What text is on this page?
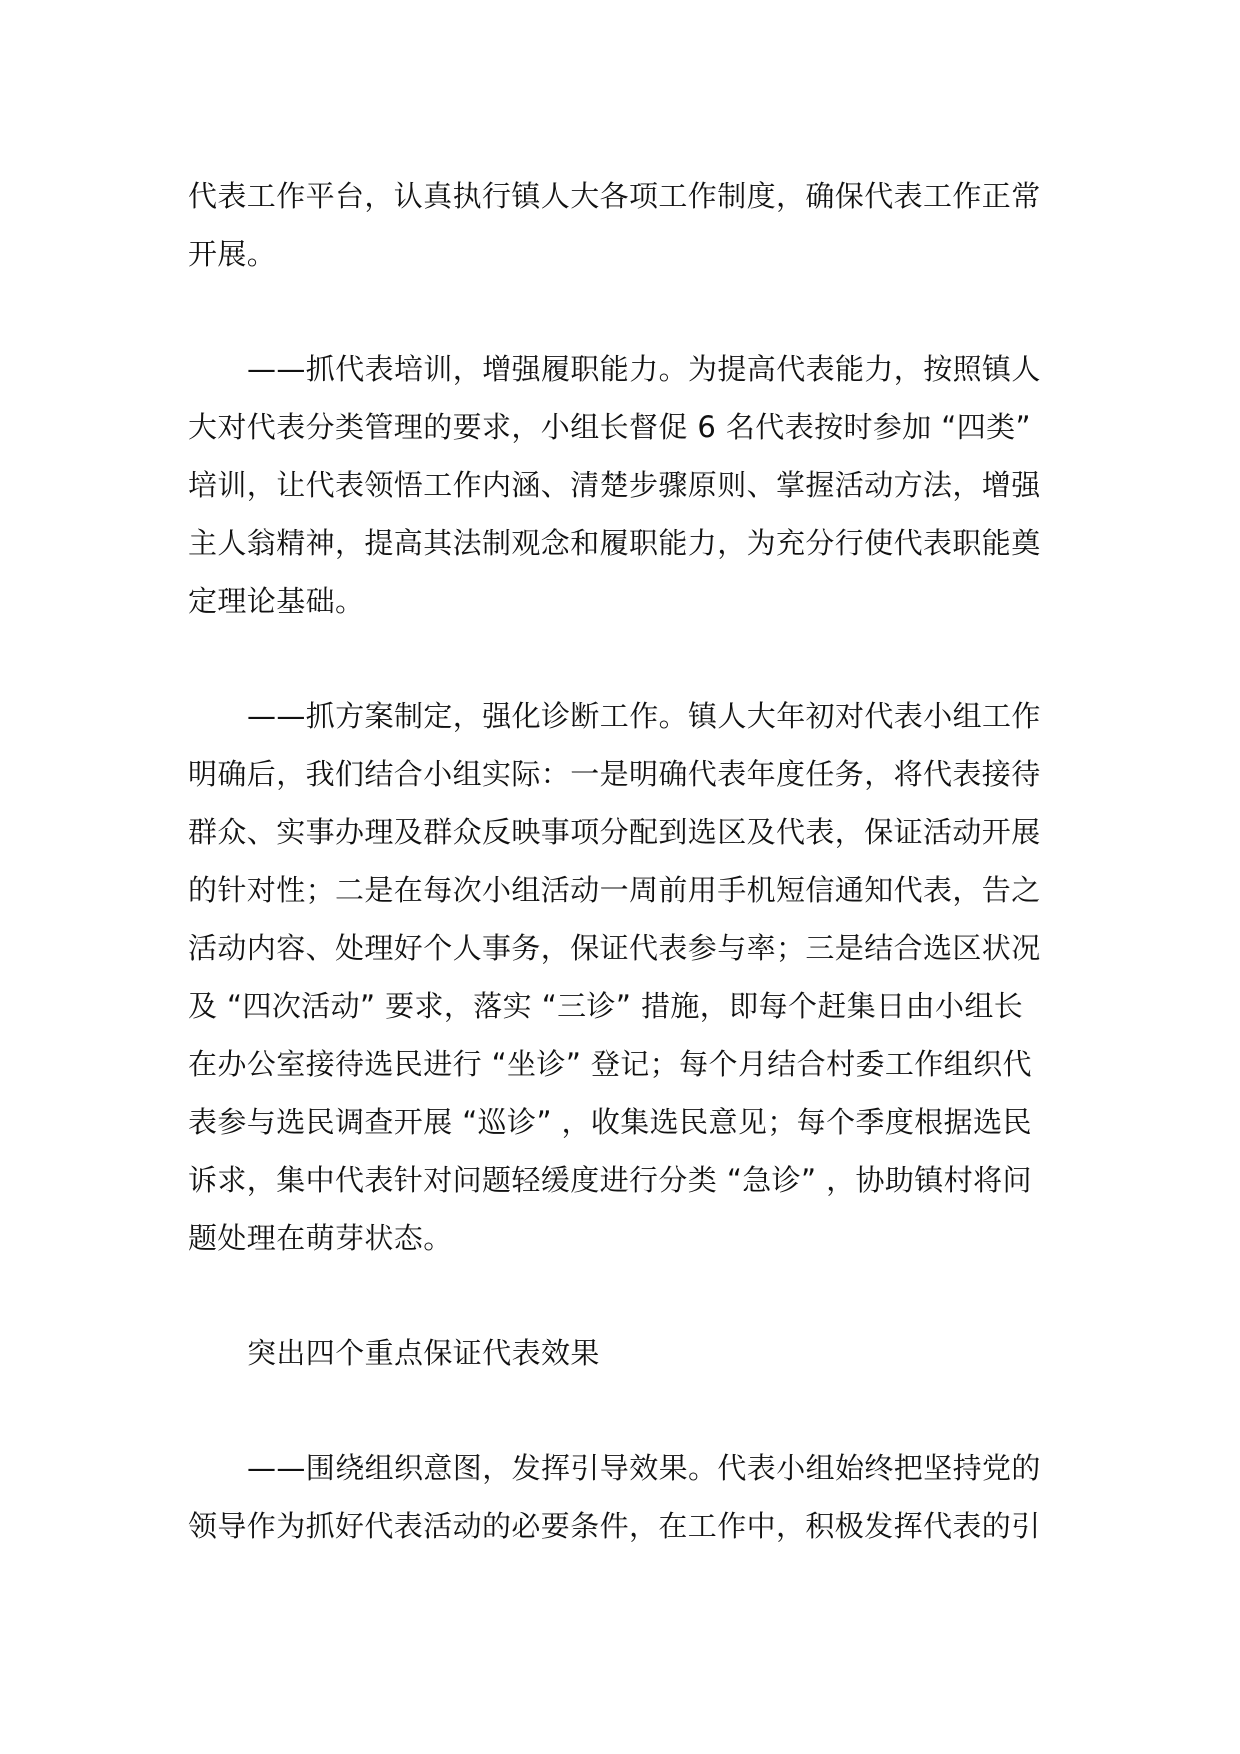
代表工作平台，认真执行镇人大各项工作制度，确保代表工作正常
开展。
——抓代表培训，增强履职能力。为提高代表能力，按照镇人
大对代表分类管理的要求，小组长督促 6 名代表按时参加 “四类”
培训，让代表领悟工作内涵、清楚步骤原则、掌握活动方法，增强
主人翁精神，提高其法制观念和履职能力，为充分行使代表职能奠
定理论基础。
——抓方案制定，强化诊断工作。镇人大年初对代表小组工作
明确后，我们结合小组实际：一是明确代表年度任务，将代表接待
群众、实事办理及群众反映事项分配到选区及代表，保证活动开展
的针对性；二是在每次小组活动一周前用手机短信通知代表，告之
活动内容、处理好个人事务，保证代表参与率；三是结合选区状况
及 “四次活动” 要求，落实 “三诊” 措施，即每个赶集日由小组长
在办公室接待选民进行 “坐诊” 登记；每个月结合村委工作组织代
表参与选民调查开展 “巡诊” ，收集选民意见；每个季度根据选民
诉求，集中代表针对问题轻缓度进行分类 “急诊” ，协助镇村将问
题处理在萌芽状态。
突出四个重点保证代表效果
——围绕组织意图，发挥引导效果。代表小组始终把坚持党的
领导作为抓好代表活动的必要条件，在工作中，积极发挥代表的引
